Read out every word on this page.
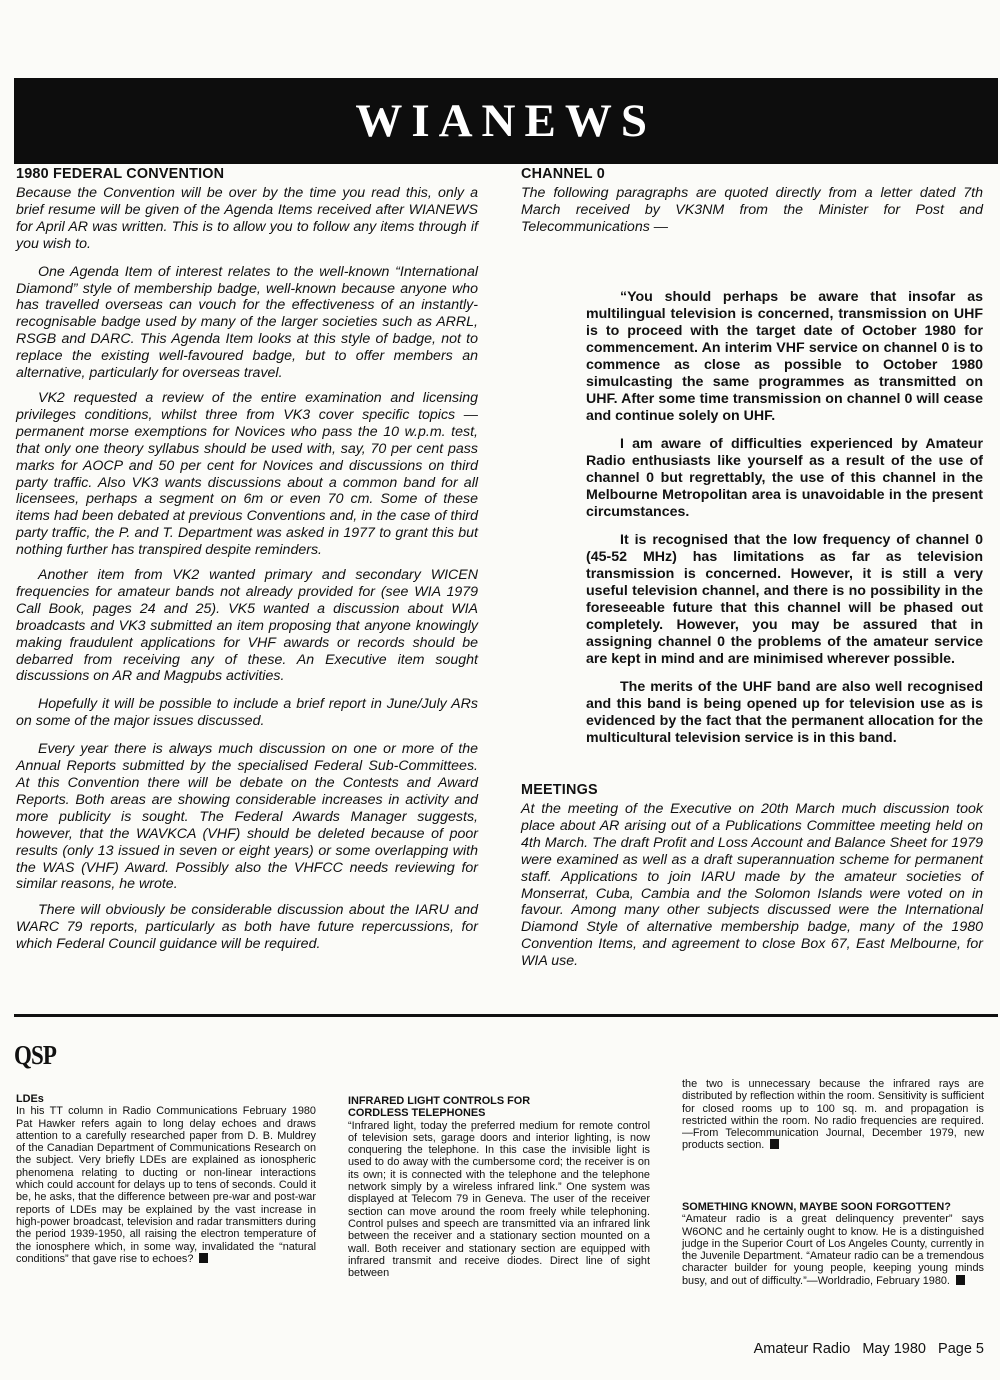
WIANEWS

1980 FEDERAL CONVENTION

Because the Convention will be over by the time you read this, only a brief resume will be given of the Agenda Items received after WIANEWS for April AR was written. This is to allow you to follow any items through if you wish to.

One Agenda Item of interest relates to the well-known “International Diamond” style of membership badge, well-known because anyone who has travelled overseas can vouch for the effectiveness of an instantly-recognisable badge used by many of the larger societies such as ARRL, RSGB and DARC. This Agenda Item looks at this style of badge, not to replace the existing well-favoured badge, but to offer members an alternative, particularly for overseas travel.

VK2 requested a review of the entire examination and licensing privileges conditions, whilst three from VK3 cover specific topics — permanent morse exemptions for Novices who pass the 10 w.p.m. test, that only one theory syllabus should be used with, say, 70 per cent pass marks for AOCP and 50 per cent for Novices and discussions on third party traffic. Also VK3 wants discussions about a common band for all licensees, perhaps a segment on 6m or even 70 cm. Some of these items had been debated at previous Conventions and, in the case of third party traffic, the P. and T. Department was asked in 1977 to grant this but nothing further has transpired despite reminders.

Another item from VK2 wanted primary and secondary WICEN frequencies for amateur bands not already provided for (see WIA 1979 Call Book, pages 24 and 25). VK5 wanted a discussion about WIA broadcasts and VK3 submitted an item proposing that anyone knowingly making fraudulent applications for VHF awards or records should be debarred from receiving any of these. An Executive item sought discussions on AR and Magpubs activities.

Hopefully it will be possible to include a brief report in June/July ARs on some of the major issues discussed.

Every year there is always much discussion on one or more of the Annual Reports submitted by the specialised Federal Sub-Committees. At this Convention there will be debate on the Contests and Award Reports. Both areas are showing considerable increases in activity and more publicity is sought. The Federal Awards Manager suggests, however, that the WAVKCA (VHF) should be deleted because of poor results (only 13 issued in seven or eight years) or some overlapping with the WAS (VHF) Award. Possibly also the VHFCC needs reviewing for similar reasons, he wrote.

There will obviously be considerable discussion about the IARU and WARC 79 reports, particularly as both have future repercussions, for which Federal Council guidance will be required.

CHANNEL 0

The following paragraphs are quoted directly from a letter dated 7th March received by VK3NM from the Minister for Post and Telecommunications —

“You should perhaps be aware that insofar as multilingual television is concerned, transmission on UHF is to proceed with the target date of October 1980 for commencement. An interim VHF service on channel 0 is to commence as close as possible to October 1980 simulcasting the same programmes as transmitted on UHF. After some time transmission on channel 0 will cease and continue solely on UHF.

I am aware of difficulties experienced by Amateur Radio enthusiasts like yourself as a result of the use of channel 0 but regrettably, the use of this channel in the Melbourne Metropolitan area is unavoidable in the present circumstances.

It is recognised that the low frequency of channel 0 (45-52 MHz) has limitations as far as television transmission is concerned. However, it is still a very useful television channel, and there is no possibility in the foreseeable future that this channel will be phased out completely. However, you may be assured that in assigning channel 0 the problems of the amateur service are kept in mind and are minimised wherever possible.

The merits of the UHF band are also well recognised and this band is being opened up for television use as is evidenced by the fact that the permanent allocation for the multicultural television service is in this band.

MEETINGS

At the meeting of the Executive on 20th March much discussion took place about AR arising out of a Publications Committee meeting held on 4th March. The draft Profit and Loss Account and Balance Sheet for 1979 were examined as well as a draft superannuation scheme for permanent staff. Applications to join IARU made by the amateur societies of Monserrat, Cuba, Cambia and the Solomon Islands were voted on in favour. Among many other subjects discussed were the International Diamond Style of alternative membership badge, many of the 1980 Convention Items, and agreement to close Box 67, East Melbourne, for WIA use.

QSP

LDEs

In his TT column in Radio Communications February 1980 Pat Hawker refers again to long delay echoes and draws attention to a carefully researched paper from D. B. Muldrey of the Canadian Department of Communications Research on the subject. Very briefly LDEs are explained as ionospheric phenomena relating to ducting or non-linear interactions which could account for delays up to tens of seconds. Could it be, he asks, that the difference between pre-war and post-war reports of LDEs may be explained by the vast increase in high-power broadcast, television and radar transmitters during the period 1939-1950, all raising the electron temperature of the ionosphere which, in some way, invalidated the “natural conditions” that gave rise to echoes?

INFRARED LIGHT CONTROLS FOR

CORDLESS TELEPHONES

“Infrared light, today the preferred medium for remote control of television sets, garage doors and interior lighting, is now conquering the telephone. In this case the invisible light is used to do away with the cumbersome cord; the receiver is on its own; it is connected with the telephone and the telephone network simply by a wireless infrared link.” One system was displayed at Telecom 79 in Geneva. The user of the receiver section can move around the room freely while telephoning. Control pulses and speech are transmitted via an infrared link between the receiver and a stationary section mounted on a wall. Both receiver and stationary section are equipped with infrared transmit and receive diodes. Direct line of sight between

the two is unnecessary because the infrared rays are distributed by reflection within the room. Sensitivity is sufficient for closed rooms up to 100 sq. m. and propagation is restricted within the room. No radio frequencies are required.—From Telecommunication Journal, December 1979, new products section.

SOMETHING KNOWN, MAYBE SOON FORGOTTEN?

“Amateur radio is a great delinquency preventer” says W6ONC and he certainly ought to know. He is a distinguished judge in the Superior Court of Los Angeles County, currently in the Juvenile Department. “Amateur radio can be a tremendous character builder for young people, keeping young minds busy, and out of difficulty.”—Worldradio, February 1980.

Amateur Radio May 1980 Page 5
